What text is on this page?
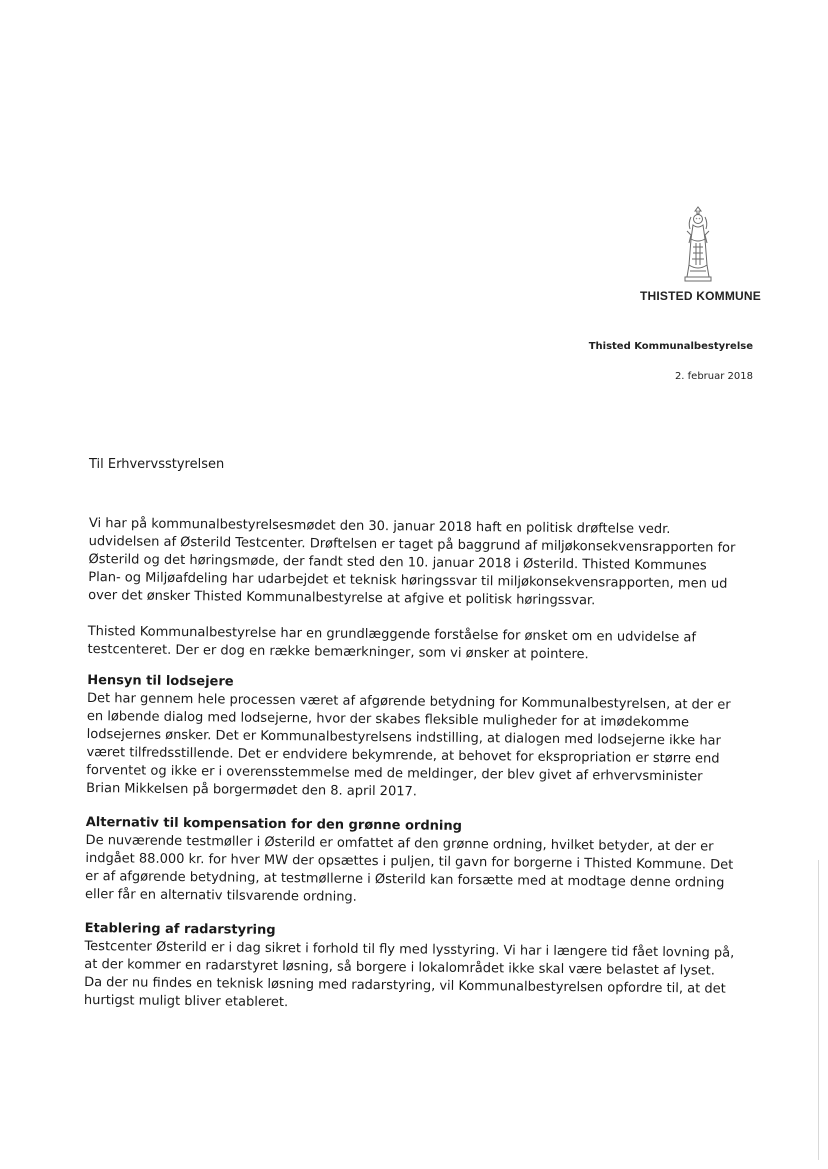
THISTED KOMMUNE
Thisted Kommunalbestyrelse
2. februar 2018
Til Erhvervsstyrelsen

Vi har på kommunalbestyrelsesmødet den 30. januar 2018 haft en politisk drøftelse vedr. udvidelsen af Østerild Testcenter. Drøftelsen er taget på baggrund af miljøkonsekvensrapporten for Østerild og det høringsmøde, der fandt sted den 10. januar 2018 i Østerild. Thisted Kommunes Plan- og Miljøafdeling har udarbejdet et teknisk høringssvar til miljøkonsekvensrapporten, men ud over det ønsker Thisted Kommunalbestyrelse at afgive et politisk høringssvar.

Thisted Kommunalbestyrelse har en grundlæggende forståelse for ønsket om en udvidelse af testcenteret. Der er dog en række bemærkninger, som vi ønsker at pointere.

Hensyn til lodsejere

Det har gennem hele processen været af afgørende betydning for Kommunalbestyrelsen, at der er en løbende dialog med lodsejerne, hvor der skabes fleksible muligheder for at imødekomme lodsejernes ønsker. Det er Kommunalbestyrelsens indstilling, at dialogen med lodsejerne ikke har været tilfredsstillende. Det er endvidere bekymrende, at behovet for ekspropriation er større end forventet og ikke er i overensstemmelse med de meldinger, der blev givet af erhvervsminister Brian Mikkelsen på borgermødet den 8. april 2017.

Alternativ til kompensation for den grønne ordning

De nuværende testmøller i Østerild er omfattet af den grønne ordning, hvilket betyder, at der er indgået 88.000 kr. for hver MW der opsættes i puljen, til gavn for borgerne i Thisted Kommune. Det er af afgørende betydning, at testmøllerne i Østerild kan forsætte med at modtage denne ordning eller får en alternativ tilsvarende ordning.

Etablering af radarstyring

Testcenter Østerild er i dag sikret i forhold til fly med lysstyring. Vi har i længere tid fået lovning på, at der kommer en radarstyret løsning, så borgere i lokalområdet ikke skal være belastet af lyset. Da der nu findes en teknisk løsning med radarstyring, vil Kommunalbestyrelsen opfordre til, at det hurtigst muligt bliver etableret.
